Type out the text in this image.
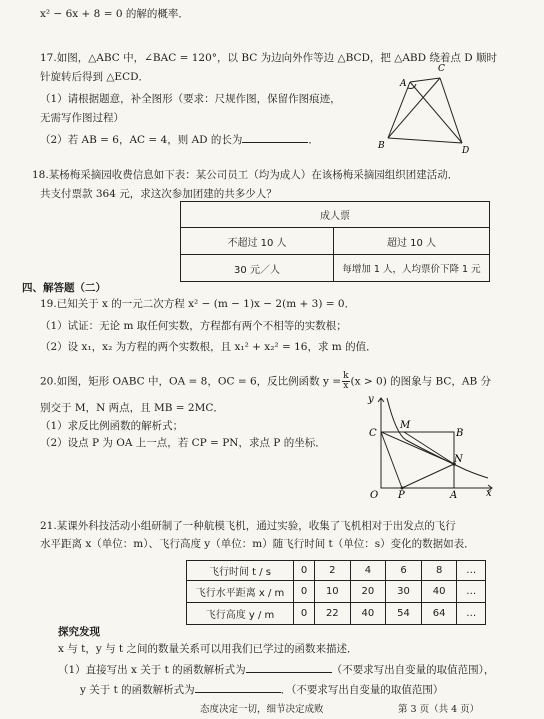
x² − 6x + 8 = 0 的解的概率．
17.如图，△ABC 中，∠BAC = 120°，以 BC 为边向外作等边 △BCD，把 △ABD 绕着点 D 顺时
针旋转后得到 △ECD．
（1）请根据题意，补全图形（要求：尺规作图，保留作图痕迹，
无需写作图过程）
（2）若 AB = 6，AC = 4，则 AD 的长为	．
C
A
B	D
18.某杨梅采摘园收费信息如下表：某公司员工（均为成人）在该杨梅采摘园组织团建活动．
共支付票款 364 元，求这次参加团建的共多少人？
成人票	
不超过 10 人	超过 10 人
30 元／人	每增加 1 人，人均票价下降 1 元
四、解答题（二）
19.已知关于 x 的一元二次方程 x² − (m − 1)x − 2(m + 3) = 0．
（1）试证：无论 m 取任何实数，方程都有两个不相等的实数根；
（2）设 x₁，x₂ 为方程的两个实数根，且 x₁² + x₂² = 16，求 m 的值．
20.如图，矩形 OABC 中，OA = 8，OC = 6，反比例函数 $y = \frac{k}{x} (x > 0)$ 的图象与 BC，AB 分
别交于 M，N 两点，且 MB = 2MC．
（1）求反比例函数的解析式；
（2）设点 P 为 OA 上一点，若 CP = PN，求点 P 的坐标．
y
C
M
B
N
O P	A	x
21.某课外科技活动小组研制了一种航模飞机，通过实验，收集了飞机相对于出发点的飞行
水平距离 x（单位：m）、飞行高度 y（单位：m）随飞行时间 t（单位：s）变化的数据如表．
飞行时间 t / s	0	2	4	6	8	…
飞行水平距离 x / m	0	10	20	30	40	…
飞行高度 y / m	0	22	40	54	64	…
探究发现
x 与 t，y 与 t 之间的数量关系可以用我们已学过的函数来描述．
（1）直接写出 x 关于 t 的函数解析式为	（不要求写出自变量的取值范围），
y 关于 t 的函数解析式为	．（不要求写出自变量的取值范围）
态度决定一切，细节决定成败	第 3 页（共 4 页）
